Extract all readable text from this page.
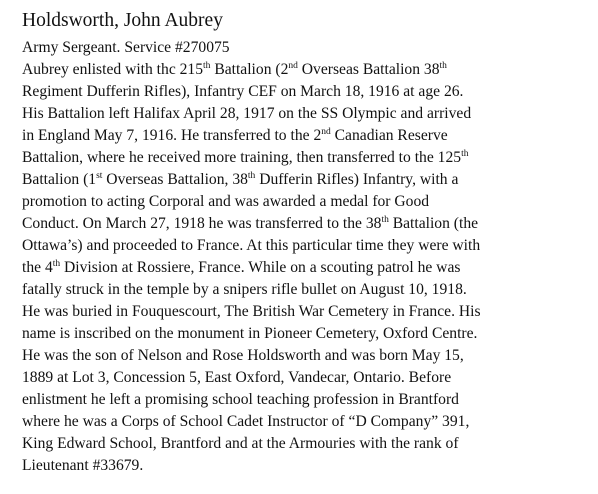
Holdsworth, John Aubrey
Army Sergeant. Service #270075
Aubrey enlisted with thc 215th Battalion (2nd Overseas Battalion 38th
Regiment Dufferin Rifles), Infantry CEF on March 18, 1916 at age 26.
His Battalion left Halifax April 28, 1917 on the SS Olympic and arrived
in England May 7, 1916. He transferred to the 2nd Canadian Reserve
Battalion, where he received more training, then transferred to the 125th
Battalion (1st Overseas Battalion, 38th Dufferin Rifles) Infantry, with a
promotion to acting Corporal and was awarded a medal for Good
Conduct. On March 27, 1918 he was transferred to the 38th Battalion (the
Ottawa’s) and proceeded to France. At this particular time they were with
the 4th Division at Rossiere, France. While on a scouting patrol he was
fatally struck in the temple by a snipers rifle bullet on August 10, 1918.
He was buried in Fouquescourt, The British War Cemetery in France. His
name is inscribed on the monument in Pioneer Cemetery, Oxford Centre.
He was the son of Nelson and Rose Holdsworth and was born May 15,
1889 at Lot 3, Concession 5, East Oxford, Vandecar, Ontario. Before
enlistment he left a promising school teaching profession in Brantford
where he was a Corps of School Cadet Instructor of “D Company” 391,
King Edward School, Brantford and at the Armouries with the rank of
Lieutenant #33679.
